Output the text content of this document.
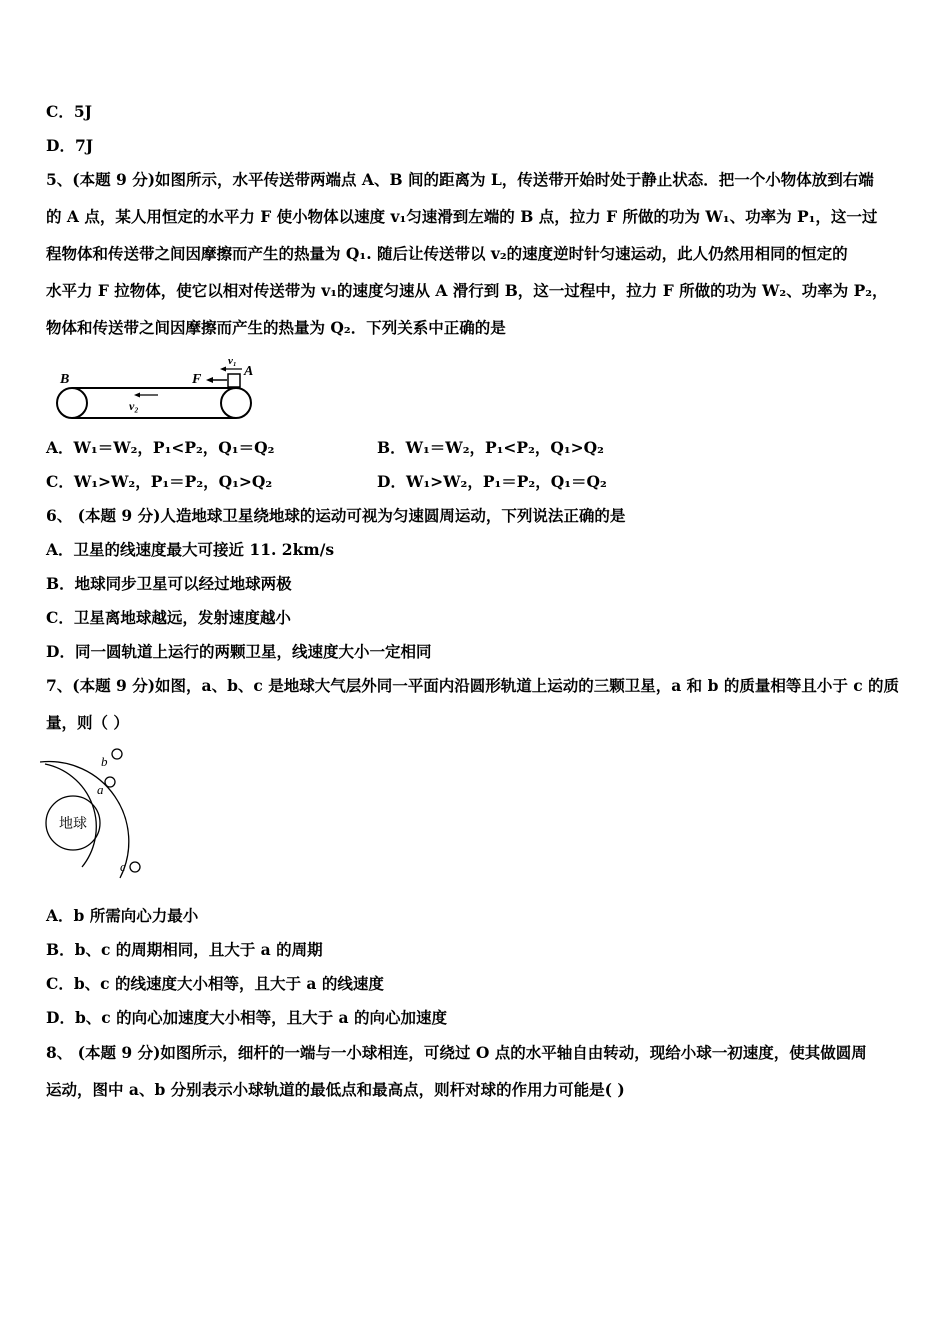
C．5J
D．7J
5、(本题 9 分)如图所示，水平传送带两端点 A、B 间的距离为 L，传送带开始时处于静止状态．把一个小物体放到右端
的 A 点，某人用恒定的水平力 F 使小物体以速度 v₁匀速滑到左端的 B 点，拉力 F 所做的功为 W₁、功率为 P₁，这一过
程物体和传送带之间因摩擦而产生的热量为 Q₁. 随后让传送带以 v₂的速度逆时针匀速运动，此人仍然用相同的恒定的
水平力 F 拉物体，使它以相对传送带为 v₁的速度匀速从 A 滑行到 B，这一过程中，拉力 F 所做的功为 W₂、功率为 P₂，
物体和传送带之间因摩擦而产生的热量为 Q₂．下列关系中正确的是
B	F
A
v₁
v₂
A．W₁＝W₂，P₁<P₂，Q₁＝Q₂	B．W₁＝W₂，P₁<P₂，Q₁>Q₂
C．W₁>W₂，P₁＝P₂，Q₁>Q₂	D．W₁>W₂，P₁＝P₂，Q₁＝Q₂
6、 (本题 9 分)人造地球卫星绕地球的运动可视为匀速圆周运动，下列说法正确的是
A．卫星的线速度最大可接近 11. 2km/s
B．地球同步卫星可以经过地球两极
C．卫星离地球越远，发射速度越小
D．同一圆轨道上运行的两颗卫星，线速度大小一定相同
7、(本题 9 分)如图，a、b、c 是地球大气层外同一平面内沿圆形轨道上运动的三颗卫星，a 和 b 的质量相等且小于 c 的质
量，则（ ）
地球
a
b
c
A．b 所需向心力最小
B．b、c 的周期相同，且大于 a 的周期
C．b、c 的线速度大小相等，且大于 a 的线速度
D．b、c 的向心加速度大小相等，且大于 a 的向心加速度
8、 (本题 9 分)如图所示，细杆的一端与一小球相连，可绕过 O 点的水平轴自由转动，现给小球一初速度，使其做圆周
运动，图中 a、b 分别表示小球轨道的最低点和最高点，则杆对球的作用力可能是( )
